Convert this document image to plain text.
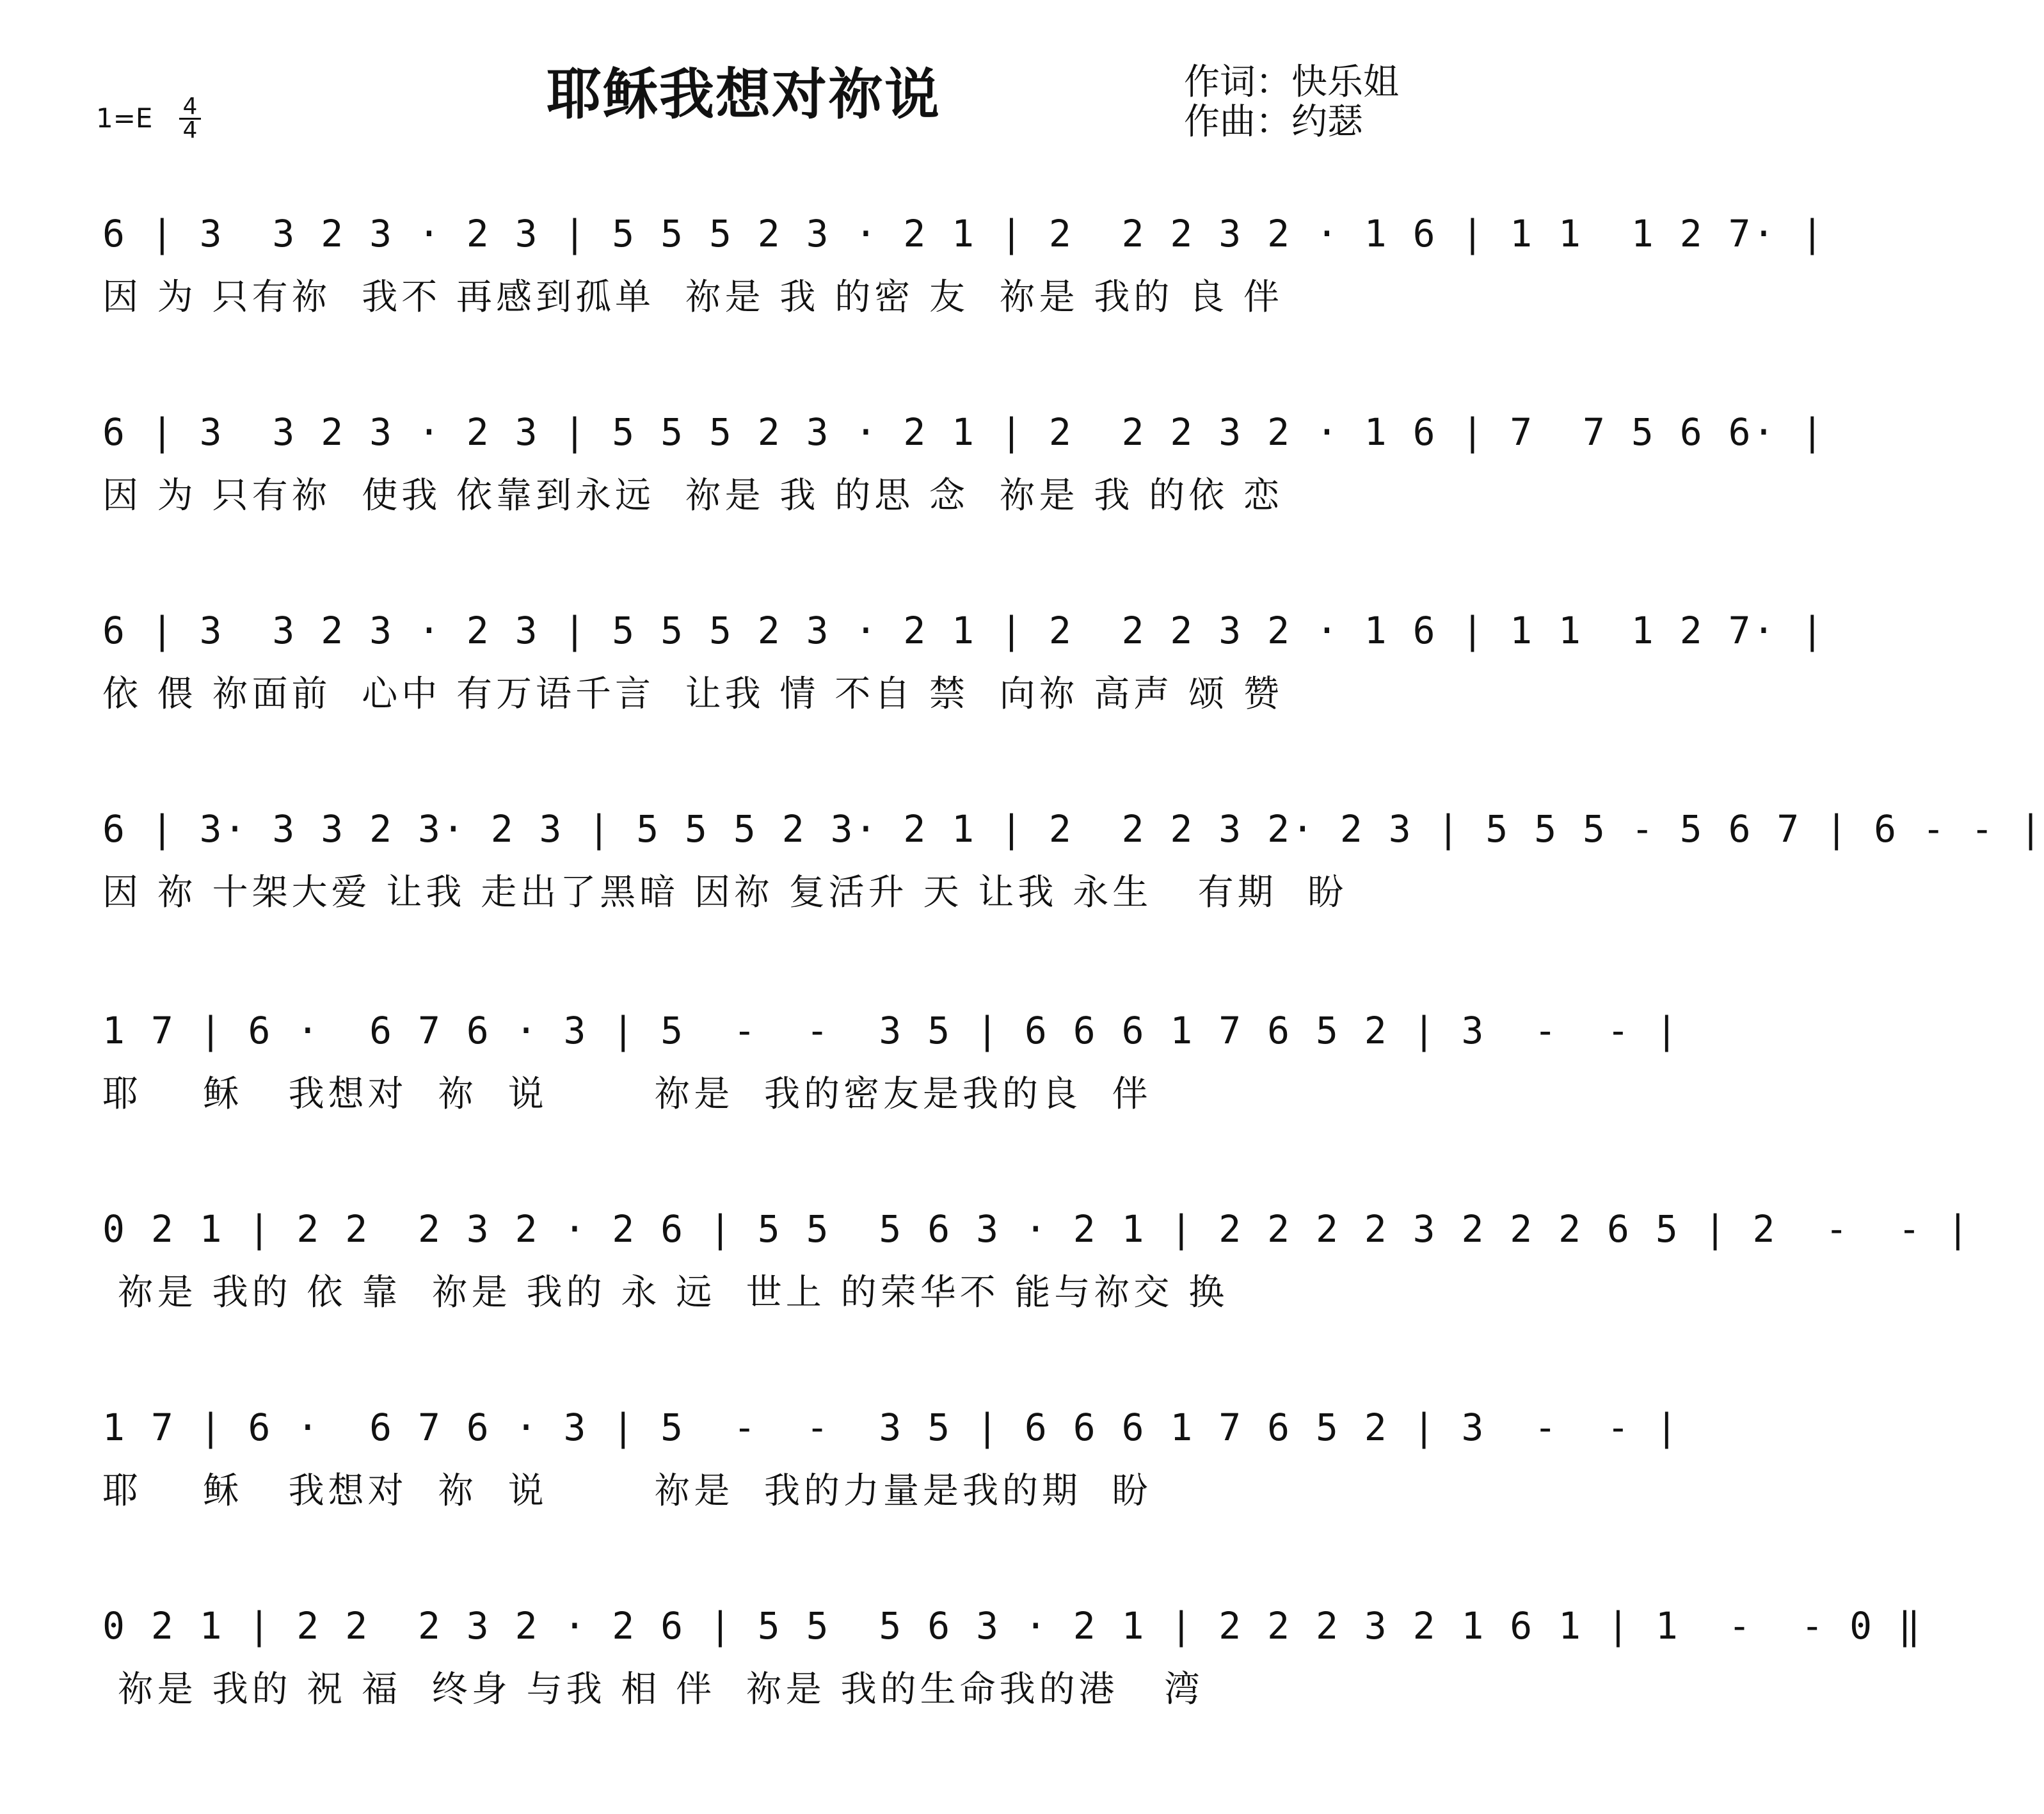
耶稣我想对祢说
1=E 4
4
作词：快乐姐
作曲：约瑟
6 | 3  3 2 3 · 2 3 | 5 5 5 2 3 · 2 1 | 2  2 2 3 2 · 1 6 | 1 1  1 2 7· |
因 为 只有祢  我不 再感到孤单  祢是 我 的密 友  祢是 我的 良 伴
6 | 3  3 2 3 · 2 3 | 5 5 5 2 3 · 2 1 | 2  2 2 3 2 · 1 6 | 7  7 5 6 6· |
因 为 只有祢  使我 依靠到永远  祢是 我 的思 念  祢是 我 的依 恋
6 | 3  3 2 3 · 2 3 | 5 5 5 2 3 · 2 1 | 2  2 2 3 2 · 1 6 | 1 1  1 2 7· |
依 偎 祢面前  心中 有万语千言  让我 情 不自 禁  向祢 高声 颂 赞
6 | 3· 3 3 2 3· 2 3 | 5 5 5 2 3· 2 1 | 2  2 2 3 2· 2 3 | 5 5 5 - 5 6 7 | 6 - - |
因 祢 十架大爱 让我 走出了黑暗 因祢 复活升 天 让我 永生   有期  盼
1 7 | 6 ·  6 7 6 · 3 | 5  -  -  3 5 | 6 6 6 1 7 6 5 2 | 3  -  - |
耶    稣   我想对  祢  说       祢是  我的密友是我的良  伴
0 2 1 | 2 2  2 3 2 · 2 6 | 5 5  5 6 3 · 2 1 | 2 2 2 2 3 2 2 2 6 5 | 2  -  - |
祢是 我的 依 靠  祢是 我的 永 远  世上 的荣华不 能与祢交 换
1 7 | 6 ·  6 7 6 · 3 | 5  -  -  3 5 | 6 6 6 1 7 6 5 2 | 3  -  - |
耶    稣   我想对  祢  说       祢是  我的力量是我的期  盼
0 2 1 | 2 2  2 3 2 · 2 6 | 5 5  5 6 3 · 2 1 | 2 2 2 3 2 1 6 1 | 1  -  - 0 ‖
祢是 我的 祝 福  终身 与我 相 伴  祢是 我的生命我的港   湾
